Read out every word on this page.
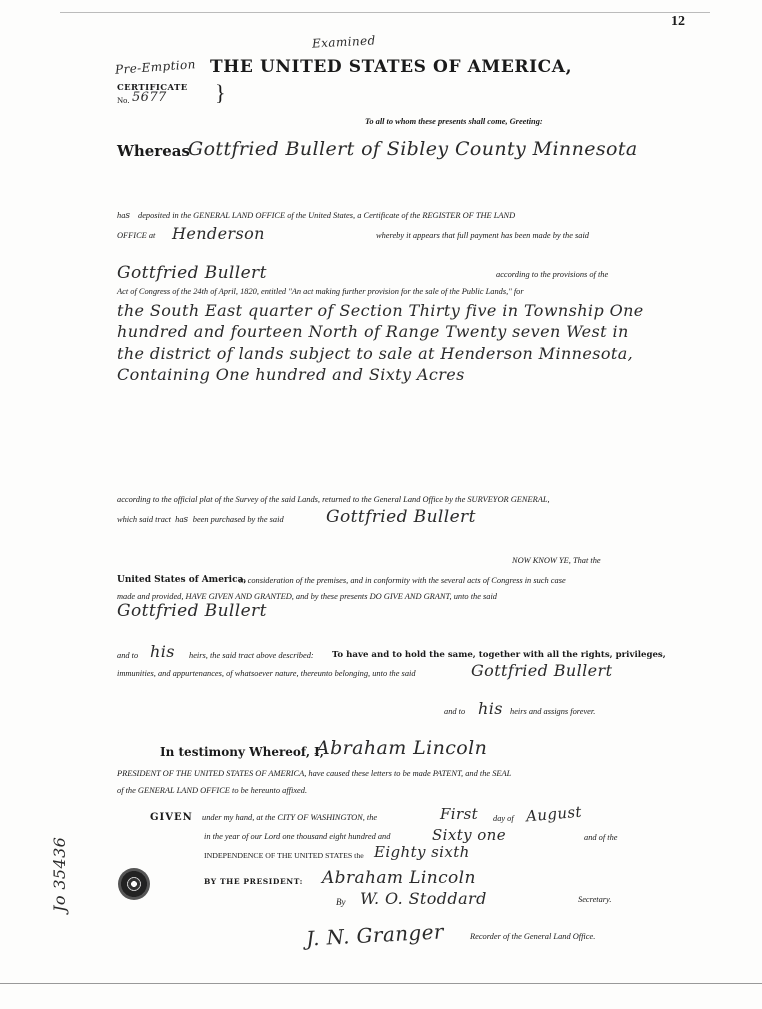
12
Pre-Emption
Examined
THE UNITED STATES OF AMERICA,
CERTIFICATE
No. 5677 }
To all to whom these presents shall come, Greeting:
Whereas
Gottfried Bullert of Sibley County Minnesota
has deposited in the GENERAL LAND OFFICE of the United States, a Certificate of the REGISTER OF THE LAND
OFFICE at Henderson	whereby it appears that full payment has been made by the said
Gottfried Bullert	according to the provisions of the
Act of Congress of the 24th of April, 1820, entitled "An act making further provision for the sale of the Public Lands," for
the South East quarter of Section Thirty five in Township One
hundred and fourteen North of Range Twenty seven West in
the district of lands subject to sale at Henderson Minnesota,
Containing One hundred and Sixty Acres
according to the official plat of the Survey of the said Lands, returned to the General Land Office by the SURVEYOR GENERAL,
which said tract has been purchased by the said Gottfried Bullert
NOW KNOW YE, That the
United States of America,
in consideration of the premises, and in conformity with the several acts of Congress in such case
made and provided, HAVE GIVEN AND GRANTED, and by these presents DO GIVE AND GRANT, unto the said
Gottfried Bullert
and to his heirs, the said tract above described: To have and to hold the same, together with all the rights, privileges,
immunities, and appurtenances, of whatsoever nature, thereunto belonging, unto the said	Gottfried Bullert
and to his heirs and assigns forever.
In testimony Whereof, I,
Abraham Lincoln
PRESIDENT OF THE UNITED STATES OF AMERICA, have caused these letters to be made PATENT, and the SEAL
of the GENERAL LAND OFFICE to be hereunto affixed.
GIVEN under my hand, at the CITY OF WASHINGTON, the	First day of August
in the year of our Lord one thousand eight hundred and	Sixty one	and of the
INDEPENDENCE OF THE UNITED STATES the Eighty sixth
BY THE PRESIDENT: Abraham Lincoln
By W. O. Stoddard	Secretary.
J. N. Granger	Recorder of the General Land Office.
Jo 35436
